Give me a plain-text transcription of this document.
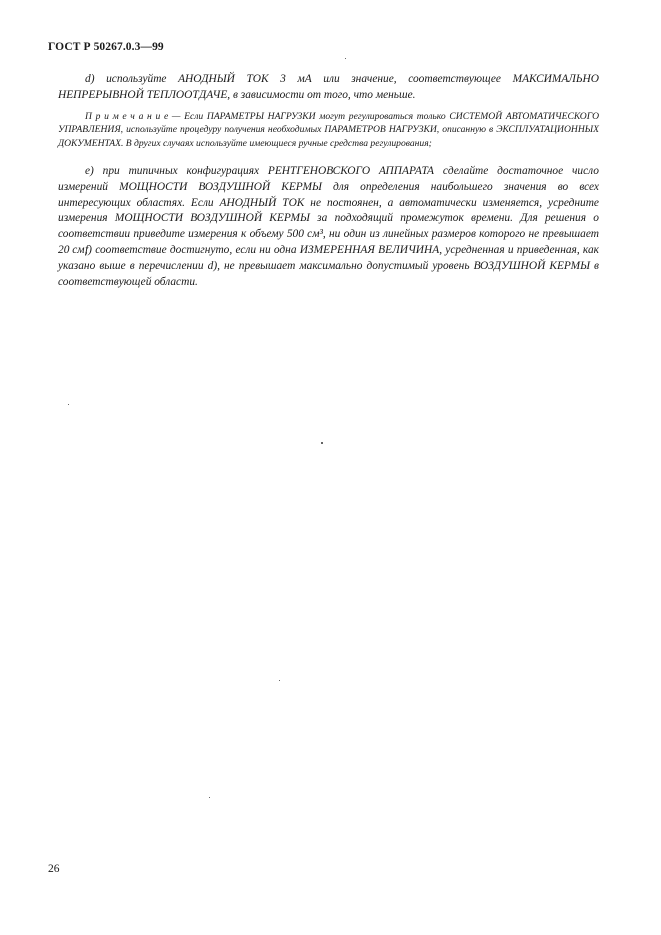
ГОСТ Р 50267.0.3—99

d) используйте АНОДНЫЙ ТОК 3 мА или значение, соответствующее МАКСИМАЛЬНО НЕПРЕРЫВНОЙ ТЕПЛООТДАЧЕ, в зависимости от того, что меньше.

П р и м е ч а н и е — Если ПАРАМЕТРЫ НАГРУЗКИ могут регулироваться только СИСТЕМОЙ АВТОМАТИЧЕСКОГО УПРАВЛЕНИЯ, используйте процедуру получения необходимых ПАРАМЕТРОВ НАГРУЗКИ, описанную в ЭКСПЛУАТАЦИОННЫХ ДОКУМЕНТАХ. В других случаях используйте имеющиеся ручные средства регулирования;

е) при типичных конфигурациях РЕНТГЕНОВСКОГО АППАРАТА сделайте достаточное число измерений МОЩНОСТИ ВОЗДУШНОЙ КЕРМЫ для определения наибольшего значения во всех интересующих областях. Если АНОДНЫЙ ТОК не постоянен, а автоматически изменяется, усредните измерения МОЩНОСТИ ВОЗДУШНОЙ КЕРМЫ за подходящий промежуток времени. Для решения о соответствии приведите измерения к объему 500 см³, ни один из линейных размеров которого не превышает 20 см;

f) соответствие достигнуто, если ни одна ИЗМЕРЕННАЯ ВЕЛИЧИНА, усредненная и приведенная, как указано выше в перечислении d), не превышает максимально допустимый уровень ВОЗДУШНОЙ КЕРМЫ в соответствующей области.

26
